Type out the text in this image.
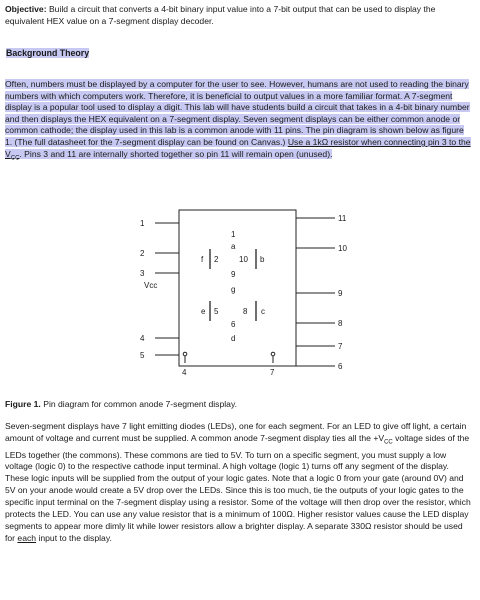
Objective: Build a circuit that converts a 4-bit binary input value into a 7-bit output that can be used to display the equivalent HEX value on a 7-segment display decoder.

Background Theory

Often, numbers must be displayed by a computer for the user to see. However, humans are not used to reading the binary numbers with which computers work. Therefore, it is beneficial to output values in a more familiar format. A 7-segment display is a popular tool used to display a digit. This lab will have students build a circuit that takes in a 4-bit binary number and then displays the HEX equivalent on a 7-segment display. Seven segment displays can be either common anode or common cathode; the display used in this lab is a common anode with 11 pins. The pin diagram is shown below as figure 1. (The full datasheet for the 7-segment display can be found on Canvas.) Use a 1kΩ resistor when connecting pin 3 to the $V_{CC}$. Pins 3 and 11 are internally shorted together so pin 11 will remain open (unused).

1
2
3
4
5
Vcc
11
10
9
8
7
6
1
a
f 2	10 b
9
g
e 5	8 c
6
d
4	7

Figure 1. Pin diagram for common anode 7-segment display.

Seven-segment displays have 7 light emitting diodes (LEDs), one for each segment. For an LED to give off light, a certain amount of voltage and current must be supplied. A common anode 7-segment display ties all the $+V_{CC}$ voltage sides of the LEDs together (the commons). These commons are tied to 5V. To turn on a specific segment, you must supply a low voltage (logic 0) to the respective cathode input terminal. A high voltage (logic 1) turns off any segment of the display. These logic inputs will be supplied from the output of your logic gates. Note that a logic 0 from your gate (around 0V) and 5V on your anode would create a 5V drop over the LEDs. Since this is too much, tie the outputs of your logic gates to the specific input terminal on the 7-segment display using a resistor. Some of the voltage will then drop over the resistor, which protects the LED. You can use any value resistor that is a minimum of 100Ω. Higher resistor values cause the LED display segments to appear more dimly lit while lower resistors allow a brighter display. A separate 330Ω resistor should be used for each input to the display.
